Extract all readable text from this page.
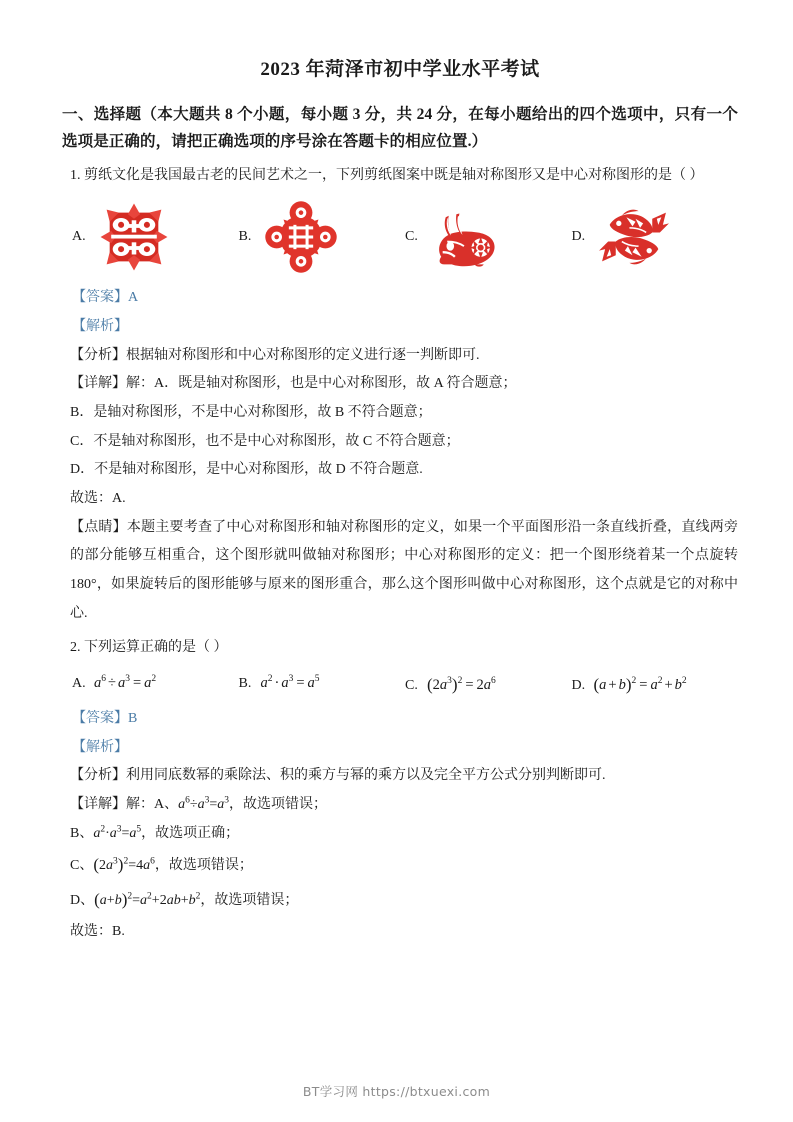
2023 年菏泽市初中学业水平考试

一、选择题（本大题共 8 个小题，每小题 3 分，共 24 分，在每小题给出的四个选项中，只有一个选项是正确的，请把正确选项的序号涂在答题卡的相应位置.）

1. 剪纸文化是我国最古老的民间艺术之一，下列剪纸图案中既是轴对称图形又是中心对称图形的是（ ）

A.	B.	C.	D.

【答案】A

【解析】

【分析】根据轴对称图形和中心对称图形的定义进行逐一判断即可.

【详解】解：A．既是轴对称图形，也是中心对称图形，故 A 符合题意；

B．是轴对称图形，不是中心对称图形，故 B 不符合题意；

C．不是轴对称图形，也不是中心对称图形，故 C 不符合题意；

D．不是轴对称图形，是中心对称图形，故 D 不符合题意.

故选：A.

【点睛】本题主要考查了中心对称图形和轴对称图形的定义，如果一个平面图形沿一条直线折叠，直线两旁的部分能够互相重合，这个图形就叫做轴对称图形；中心对称图形的定义：把一个图形绕着某一个点旋转180°，如果旋转后的图形能够与原来的图形重合，那么这个图形叫做中心对称图形，这个点就是它的对称中心.

2. 下列运算正确的是（ ）

A. $a^6 \div a^3 = a^2$	B. $a^2 \cdot a^3 = a^5$	C. $(2a^3)^2 = 2a^6$	D. $(a + b)^2 = a^2 + b^2$

【答案】B

【解析】

【分析】利用同底数幂的乘除法、积的乘方与幂的乘方以及完全平方公式分别判断即可.

【详解】解：A、$a^6\div a^3=a^3$，故选项错误；

B、$a^2\cdot a^3=a^5$，故选项正确；

C、$(2a^3)^2=4a^6$，故选项错误；

D、$(a+b)^2=a^2+2ab+b^2$，故选项错误；

故选：B.

BT学习网 https://btxuexi.com
